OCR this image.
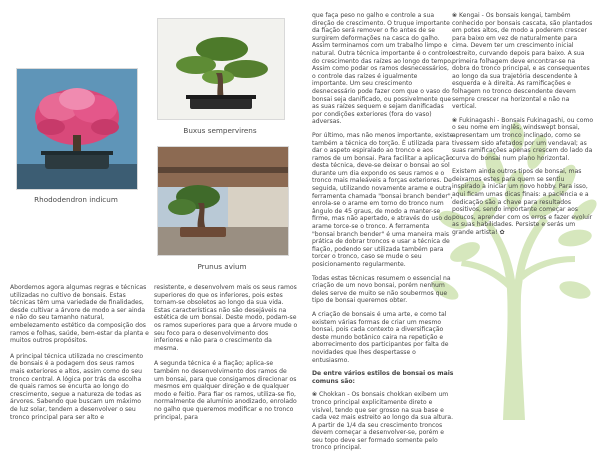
Rhododendron indicum
Buxus sempervirens
Prunus avium

Abordemos agora algumas regras e técnicas utilizadas no cultivo de bonsais. Estas técnicas têm uma variedade de finalidades, desde cultivar a árvore de modo a ser ainda e não do seu tamanho natural, embelezamento estético da composição dos ramos e folhas, saúde, bem-estar da planta e muitos outros propósitos.

A principal técnica utilizada no crescimento de bonsais é a podagem dos seus ramos mais exteriores e altos, assim como do seu tronco central. A lógica por trás da escolha de quais ramos se encurta ao longo do crescimento, segue a natureza de todas as árvores. Sabendo que buscam um máximo de luz solar, tendem a desenvolver o seu tronco principal para ser alto e

resistente, e desenvolvem mais os seus ramos superiores do que os inferiores, pois estes tornam-se obsoletos ao longo da sua vida. Estas características não são desejáveis na estética de um bonsai. Deste modo, podam-se os ramos superiores para que a árvore mude o seu foco para o desenvolvimento dos inferiores e não para o crescimento da mesma.

A segunda técnica é a fiação; aplica-se também no desenvolvimento dos ramos de um bonsai, para que consigamos direcionar os mesmos em qualquer direção e de qualquer modo e feitio. Para fiar os ramos, utiliza-se fio, normalmente de alumínio anodizado, enrolado no galho que queremos modificar e no tronco principal, para

que faça peso no galho e controle a sua direção de crescimento. O truque importante da fiação será remover o fio antes de se surgirem deformações na casca do galho. Assim terminamos com um trabalho limpo e natural. Outra técnica importante é o controlo do crescimento das raízes ao longo do tempo. Assim como podar os ramos desnecessários, o controle das raízes é igualmente importante. Um seu crescimento desnecessário pode fazer com que o vaso do bonsai seja danificado, ou possivelmente que as suas raízes sequem e sejam danificadas por condições exteriores (fora do vaso) adversas.

Por último, mas não menos importante, existe também a técnica do torção. É utilizada para dar o aspeto espiralado ao tronco e aos ramos de um bonsai. Para facilitar a aplicação desta técnica, deve-se deixar o bonsai ao sol durante um dia expondo os seus ramos e o tronco mais maleáveis a forças exteriores. De seguida, utilizando novamente arame e outra ferramenta chamada "bonsai branch bender", enrola-se o arame em torno do tronco num ângulo de 45 graus, de modo a manter-se firme, mas não apertado, e através do uso do arame torce-se o tronco. A ferramenta "bonsai branch bender" é uma maneira mais prática de dobrar troncos e usar a técnica de fiação, podendo ser utilizada também para torcer o tronco, caso se mude o seu posicionamento regularmente.

Todas estas técnicas resumem o essencial na criação de um novo bonsai, porém nenhum deles serve de muito se não soubermos que tipo de bonsai queremos obter.

A criação de bonsais é uma arte, e como tal existem várias formas de criar um mesmo bonsai, pois cada contexto a diversificação deste mundo botânico caira na repetição e aborrecimento dos participantes por falta de novidades que lhes despertasse o entusiasmo.

De entre vários estilos de bonsai os mais comuns são:

❀ Chokkan - Os bonsais chokkan exibem um tronco principal explicitamente direto e visível, tendo que ser grosso na sua base e cada vez mais estreito ao longo da sua altura. A partir de 1/4 da seu crescimento troncos devem começar a desenvolver-se, porém e seu topo deve ser formado somente pelo tronco principal.

❀ Kengai - Os bonsais kengai, também conhecido por bonsais cascata, são plantados em potes altos, de modo a poderem crescer para baixo em vez de naturalmente para cima. Devem ter um crescimento inicial estreito, curvando depois para baixo. A sua primeira folhagem deve encontrar-se na dobra do tronco principal, e as consequentes ao longo da sua trajetória descendente à esquerda e à direita. As ramificações e folhagem no tronco descendente devem sempre crescer na horizontal e não na vertical.

❀ Fukinagashi - Bonsais Fukinagashi, ou como o seu nome em inglês, windswept bonsai, apresentam um tronco inclinado, como se tivessem sido afetados por um vendaval; as suas ramificações apenas crescem do lado da curva do bonsai num plano horizontal.

Existem ainda outros tipos de bonsai, mas deixamos estes para quem se sentiu inspirado a iniciar um novo hobby. Para isso, aqui ficam umas dicas finais: a paciência e a dedicação são a chave para resultados positivos, sendo importante começar aos poucos, aprender com os erros e fazer evoluir as suas habilidades. Persiste e serás um grande artista! ✿
